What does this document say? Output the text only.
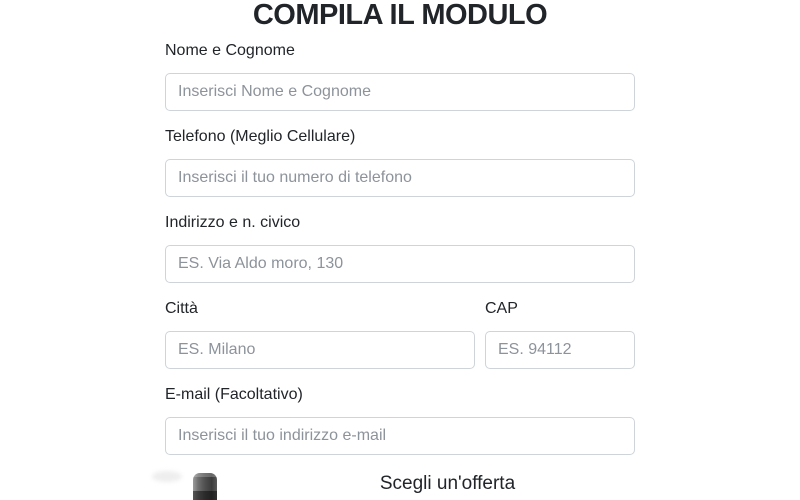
COMPILA IL MODULO
Nome e Cognome
Inserisci Nome e Cognome
Telefono (Meglio Cellulare)
Inserisci il tuo numero di telefono
Indirizzo e n. civico
ES. Via Aldo moro, 130
Città
ES. Milano	CAP
ES. 94112
E-mail (Facoltativo)
Inserisci il tuo indirizzo e-mail
Scegli un'offerta
